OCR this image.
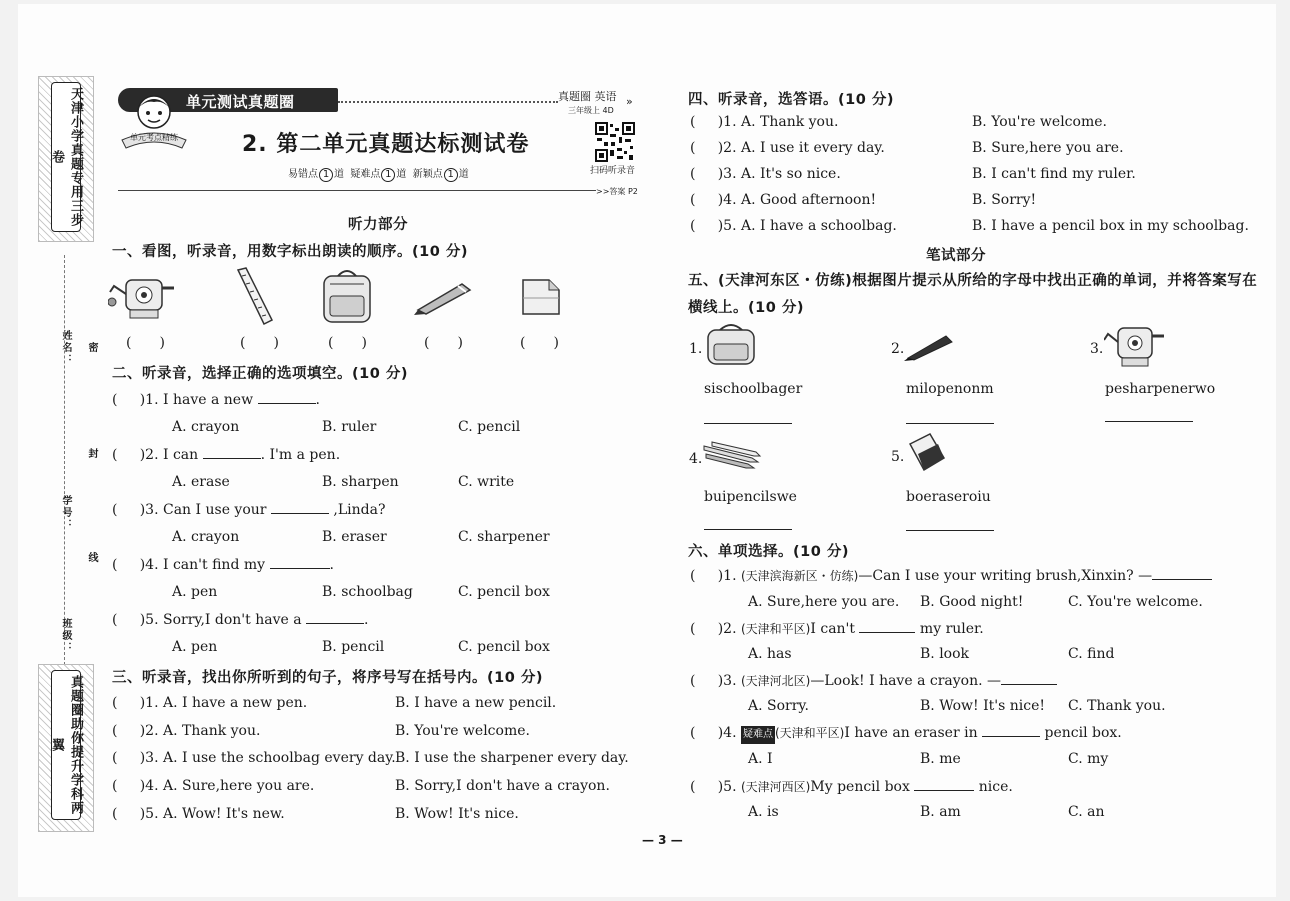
天津小学真题专用三步卷
姓名：
学号：
班级：
密
封
线
真题圈助你提升学科两翼
单元测试真题圈
单元考点精练
真题圈 英语 »
三年级上 4D
2. 第二单元真题达标测试卷
扫码听录音
易错点 1 道 疑难点 1 道 新颖点 1 道
>>答案 P2
听力部分
一、看图，听录音，用数字标出朗读的顺序。(10 分)
(　　)	(　　)	(　　)	(　　)	(　　)
二、听录音，选择正确的选项填空。(10 分)
(     )1. I have a new	.
A. crayon	B. ruler	C. pencil
(     )2. I can	. I'm a pen.
A. erase	B. sharpen	C. write
(     )3. Can I use your	,Linda?
A. crayon	B. eraser	C. sharpener
(     )4. I can't find my	.
A. pen	B. schoolbag	C. pencil box
(     )5. Sorry,I don't have a	.
A. pen	B. pencil	C. pencil box
三、听录音，找出你所听到的句子，将序号写在括号内。(10 分)
(     )1. A. I have a new pen.	B. I have a new pencil.
(     )2. A. Thank you.	B. You're welcome.
(     )3. A. I use the schoolbag every day. B. I use the sharpener every day.
(     )4. A. Sure,here you are.	B. Sorry,I don't have a crayon.
(     )5. A. Wow! It's new.	B. Wow! It's nice.
四、听录音，选答语。(10 分)
(     )1. A. Thank you.	B. You're welcome.
(     )2. A. I use it every day.	B. Sure,here you are.
(     )3. A. It's so nice.	B. I can't find my ruler.
(     )4. A. Good afternoon!	B. Sorry!
(     )5. A. I have a schoolbag.	B. I have a pencil box in my schoolbag.
笔试部分
五、(天津河东区・仿练)根据图片提示从所给的字母中找出正确的单词，并将答案写在
横线上。(10 分)
1.
sischoolbager
2.
milopenonm
3.
pesharpenerwo
4.
buipencilswe
5.
boeraseroiu
六、单项选择。(10 分)
(     )1. (天津滨海新区・仿练)—Can I use your writing brush,Xinxin? —
A. Sure,here you are. B. Good night!	C. You're welcome.
(     )2. (天津和平区)I can't	my ruler.
A. has	B. look	C. find
(     )3. (天津河北区)—Look! I have a crayon. —
A. Sorry.	B. Wow! It's nice! C. Thank you.
(     )4. 疑难点 (天津和平区)I have an eraser in	pencil box.
A. I	B. me	C. my
(     )5. (天津河西区)My pencil box	nice.
A. is	B. am	C. an
— 3 —
